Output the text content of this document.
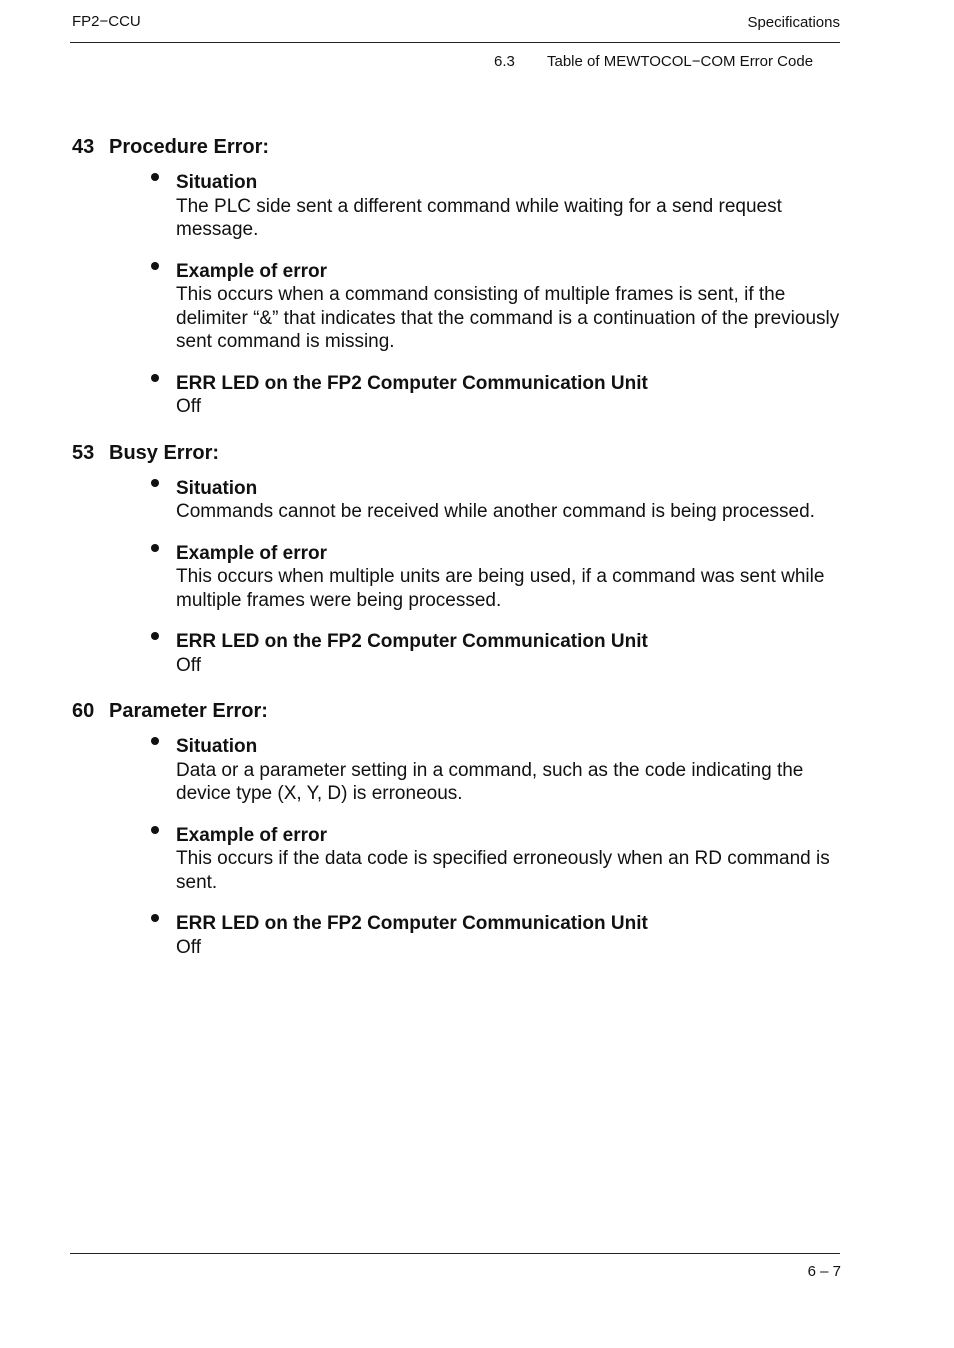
FP2−CCU	Specifications
6.3 Table of MEWTOCOL−COM Error Code
43 Procedure Error:
Situation
The PLC side sent a different command while waiting for a send request message.
Example of error
This occurs when a command consisting of multiple frames is sent, if the delimiter “&” that indicates that the command is a continuation of the previously sent command is missing.
ERR LED on the FP2 Computer Communication Unit
Off
53 Busy Error:
Situation
Commands cannot be received while another command is being processed.
Example of error
This occurs when multiple units are being used, if a command was sent while multiple frames were being processed.
ERR LED on the FP2 Computer Communication Unit
Off
60 Parameter Error:
Situation
Data or a parameter setting in a command, such as the code indicating the device type (X, Y, D) is erroneous.
Example of error
This occurs if the data code is specified erroneously when an RD command is sent.
ERR LED on the FP2 Computer Communication Unit
Off
6 – 7
